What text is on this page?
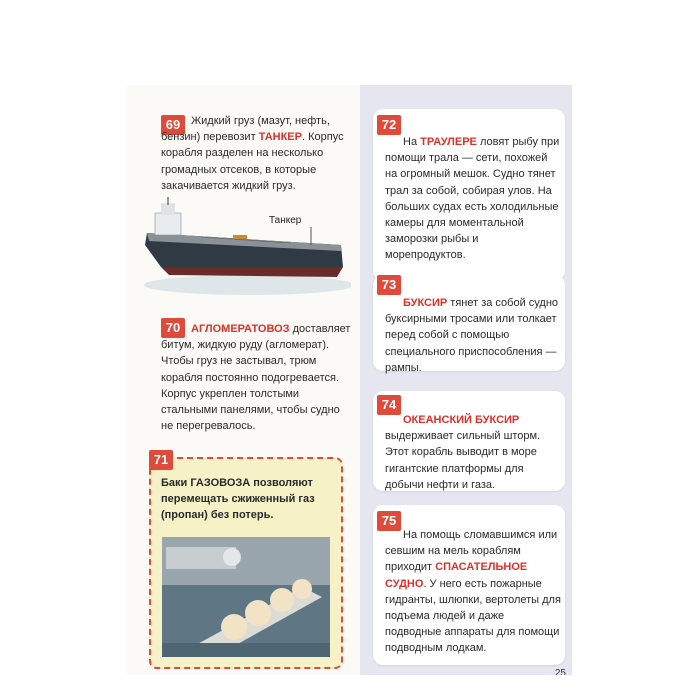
69 Жидкий груз (мазут, нефть, бензин) перевозит ТАНКЕР. Корпус корабля разделен на несколько громадных отсеков, в которые закачивается жидкий груз.
Танкер
70 АГЛОМЕРАТОВОЗ доставляет битум, жидкую руду (агломерат). Чтобы груз не застывал, трюм корабля постоянно подогревается. Корпус укреплен толстыми стальными панелями, чтобы судно не перегревалось.
Баки ГАЗОВОЗА позволяют перемещать сжиженный газ (пропан) без потерь.
71
72
На ТРАУЛЕРЕ ловят рыбу при помощи трала — сети, похожей на огромный мешок. Судно тянет трал за собой, собирая улов. На больших судах есть холодильные камеры для моментальной заморозки рыбы и морепродуктов.
73
БУКСИР тянет за собой судно буксирными тросами или толкает перед собой с помощью специального приспособления — рампы.
74
ОКЕАНСКИЙ БУКСИР выдерживает сильный шторм. Этот корабль выводит в море гигантские платформы для добычи нефти и газа.
75
На помощь сломавшимся или севшим на мель кораблям приходит СПАСАТЕЛЬНОЕ СУДНО. У него есть пожарные гидранты, шлюпки, вертолеты для подъема людей и даже подводные аппараты для помощи подводным лодкам.
25
